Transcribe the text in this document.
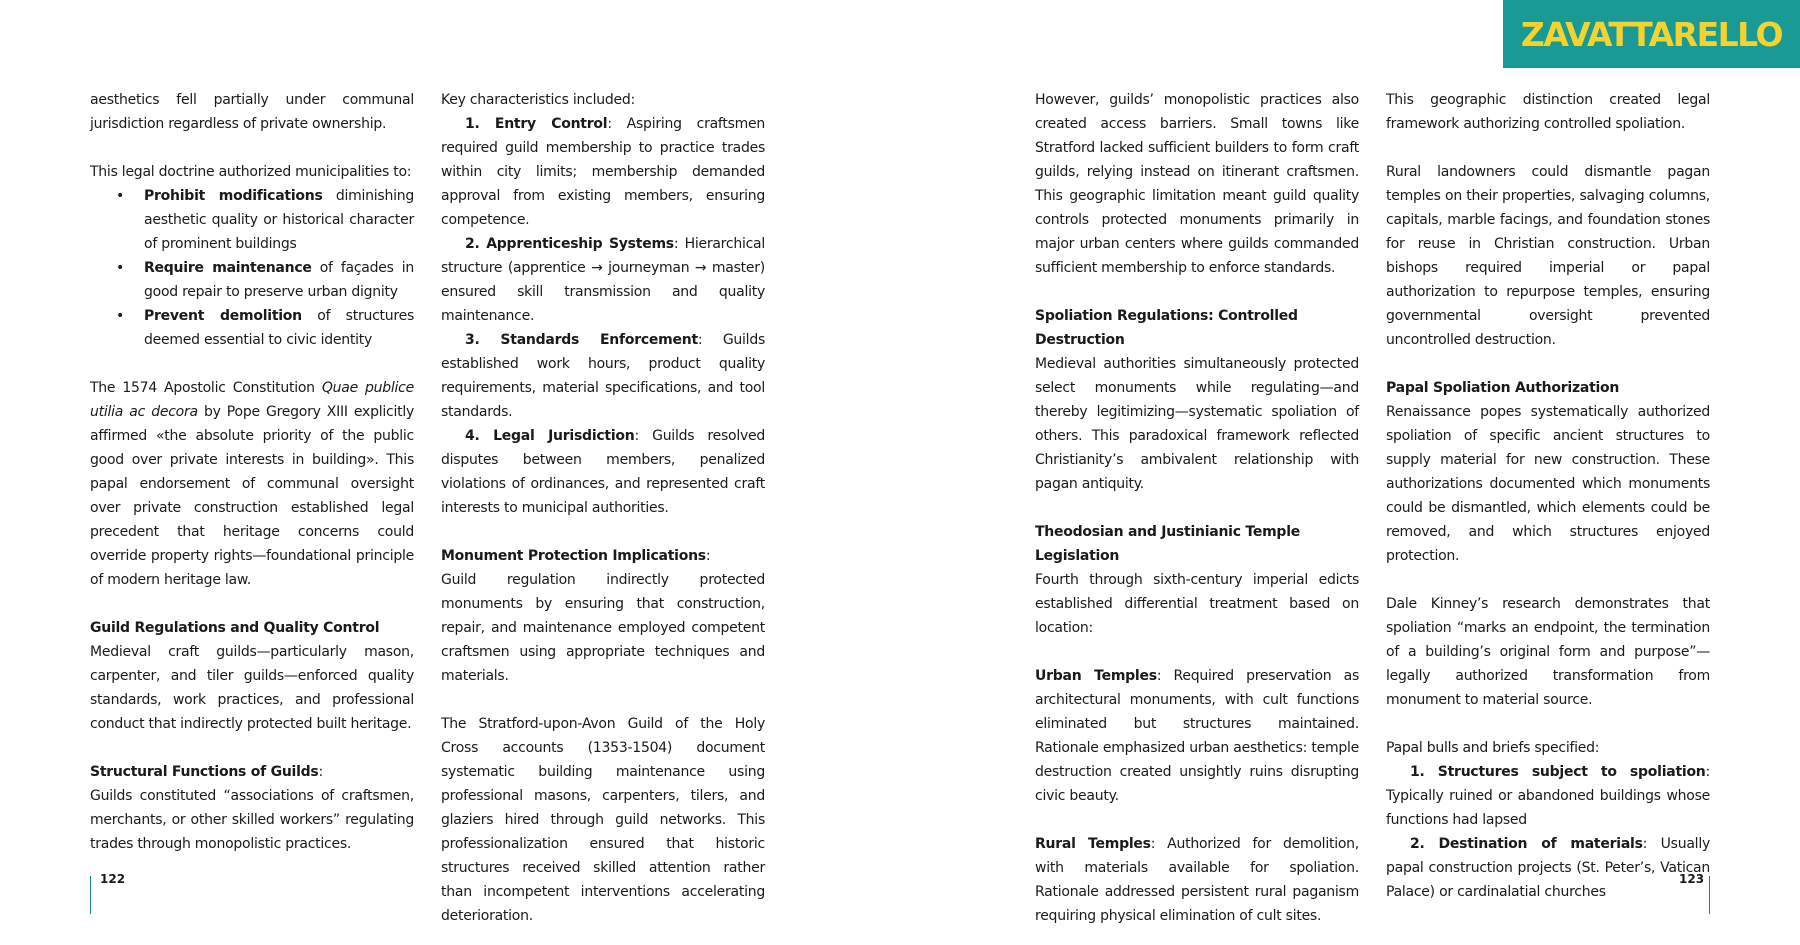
ZAVATTARELLO

aesthetics fell partially under communal jurisdiction regardless of private ownership.

This legal doctrine authorized municipalities to:

• Prohibit modifications diminishing aesthetic quality or historical character of prominent buildings

• Require maintenance of façades in good repair to preserve urban dignity

• Prevent demolition of structures deemed essential to civic identity

The 1574 Apostolic Constitution Quae publice utilia ac decora by Pope Gregory XIII explicitly affirmed «the absolute priority of the public good over private interests in building». This papal endorsement of communal oversight over private construction established legal precedent that heritage concerns could override property rights—foundational principle of modern heritage law.

Guild Regulations and Quality Control

Medieval craft guilds—particularly mason, carpenter, and tiler guilds—enforced quality standards, work practices, and professional conduct that indirectly protected built heritage.

Structural Functions of Guilds:

Guilds constituted “associations of craftsmen, merchants, or other skilled workers” regulating trades through monopolistic practices.

Key characteristics included:

1. Entry Control: Aspiring craftsmen required guild membership to practice trades within city limits; membership demanded approval from existing members, ensuring competence.

2. Apprenticeship Systems: Hierarchical structure (apprentice → journeyman → master) ensured skill transmission and quality maintenance.

3. Standards Enforcement: Guilds established work hours, product quality requirements, material specifications, and tool standards.

4. Legal Jurisdiction: Guilds resolved disputes between members, penalized violations of ordinances, and represented craft interests to municipal authorities.

Monument Protection Implications:

Guild regulation indirectly protected monuments by ensuring that construction, repair, and maintenance employed competent craftsmen using appropriate techniques and materials.

The Stratford-upon-Avon Guild of the Holy Cross accounts (1353-1504) document systematic building maintenance using professional masons, carpenters, tilers, and glaziers hired through guild networks. This professionalization ensured that historic structures received skilled attention rather than incompetent interventions accelerating deterioration.

However, guilds’ monopolistic practices also created access barriers. Small towns like Stratford lacked sufficient builders to form craft guilds, relying instead on itinerant craftsmen. This geographic limitation meant guild quality controls protected monuments primarily in major urban centers where guilds commanded sufficient membership to enforce standards.

Spoliation Regulations: Controlled Destruction

Medieval authorities simultaneously protected select monuments while regulating—and thereby legitimizing—systematic spoliation of others. This paradoxical framework reflected Christianity’s ambivalent relationship with pagan antiquity.

Theodosian and Justinianic Temple Legislation

Fourth through sixth-century imperial edicts established differential treatment based on location:

Urban Temples: Required preservation as architectural monuments, with cult functions eliminated but structures maintained. Rationale emphasized urban aesthetics: temple destruction created unsightly ruins disrupting civic beauty.

Rural Temples: Authorized for demolition, with materials available for spoliation. Rationale addressed persistent rural paganism requiring physical elimination of cult sites.

This geographic distinction created legal framework authorizing controlled spoliation.

Rural landowners could dismantle pagan temples on their properties, salvaging columns, capitals, marble facings, and foundation stones for reuse in Christian construction. Urban bishops required imperial or papal authorization to repurpose temples, ensuring governmental oversight prevented uncontrolled destruction.

Papal Spoliation Authorization

Renaissance popes systematically authorized spoliation of specific ancient structures to supply material for new construction. These authorizations documented which monuments could be dismantled, which elements could be removed, and which structures enjoyed protection.

Dale Kinney’s research demonstrates that spoliation “marks an endpoint, the termination of a building’s original form and purpose”—legally authorized transformation from monument to material source.

Papal bulls and briefs specified:

1. Structures subject to spoliation: Typically ruined or abandoned buildings whose functions had lapsed

2. Destination of materials: Usually papal construction projects (St. Peter’s, Vatican Palace) or cardinalatial churches

122	123
